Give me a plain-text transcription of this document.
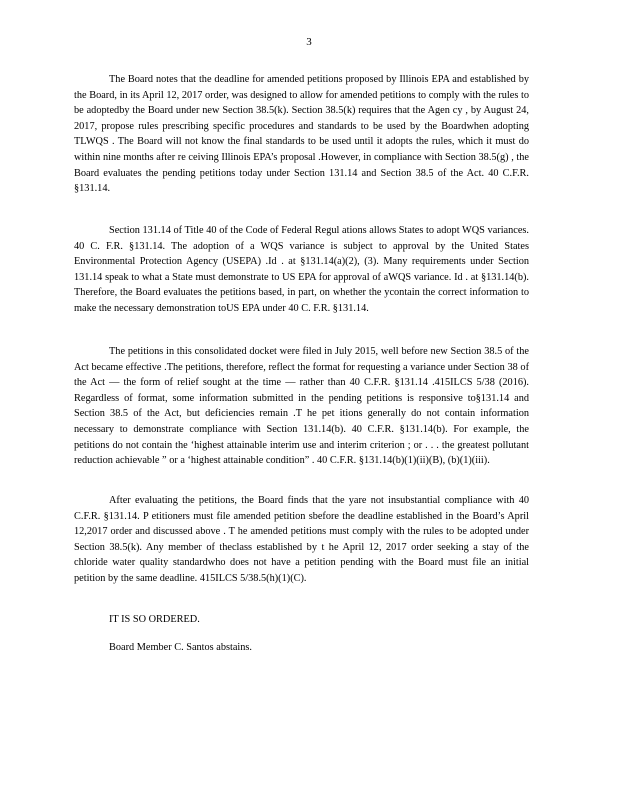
3

The Board notes that the deadline for amended petitions proposed by Illinois EPA and established by the Board, in its April 12, 2017 order, was designed to allow for amended petitions to comply with the rules to be adoptedby the Board under new Section 38.5(k). Section 38.5(k) requires that the Agen cy , by August 24, 2017, propose rules prescribing specific procedures and standards to be used by the Boardwhen adopting TLWQS . The Board will not know the final standards to be used until it adopts the rules, which it must do within nine months after re ceiving Illinois EPA’s proposal .However, in compliance with Section 38.5(g) , the Board evaluates the pending petitions today under Section 131.14 and Section 38.5 of the Act. 40 C.F.R. §131.14.

Section 131.14 of Title 40 of the Code of Federal Regul ations allows States to adopt WQS variances. 40 C. F.R. §131.14. The adoption of a WQS variance is subject to approval by the United States Environmental Protection Agency (USEPA) .Id . at §131.14(a)(2), (3). Many requirements under Section 131.14 speak to what a State must demonstrate to US EPA for approval of aWQS variance. Id . at §131.14(b). Therefore, the Board evaluates the petitions based, in part, on whether the ycontain the correct information to make the necessary demonstration toUS EPA under 40 C. F.R. §131.14.

The petitions in this consolidated docket were filed in July 2015, well before new Section 38.5 of the Act became effective .The petitions, therefore, reflect the format for requesting a variance under Section 38 of the Act — the form of relief sought at the time — rather than 40 C.F.R. §131.14 .415ILCS 5/38 (2016). Regardless of format, some information submitted in the pending petitions is responsive to§131.14 and Section 38.5 of the Act, but deficiencies remain .T he pet itions generally do not contain information necessary to demonstrate compliance with Section 131.14(b). 40 C.F.R. §131.14(b). For example, the petitions do not contain the ‘highest attainable interim use and interim criterion ; or . . . the greatest pollutant reduction achievable ” or a ‘highest attainable condition” . 40 C.F.R. §131.14(b)(1)(ii)(B), (b)(1)(iii).

After evaluating the petitions, the Board finds that the yare not insubstantial compliance with 40 C.F.R. §131.14. P etitioners must file amended petition sbefore the deadline established in the Board’s April 12,2017 order and discussed above . T he amended petitions must comply with the rules to be adopted under Section 38.5(k). Any member of theclass established by t he April 12, 2017 order seeking a stay of the chloride water quality standardwho does not have a petition pending with the Board must file an initial petition by the same deadline. 415ILCS 5/38.5(h)(1)(C).

IT IS SO ORDERED.

Board Member C. Santos abstains.
